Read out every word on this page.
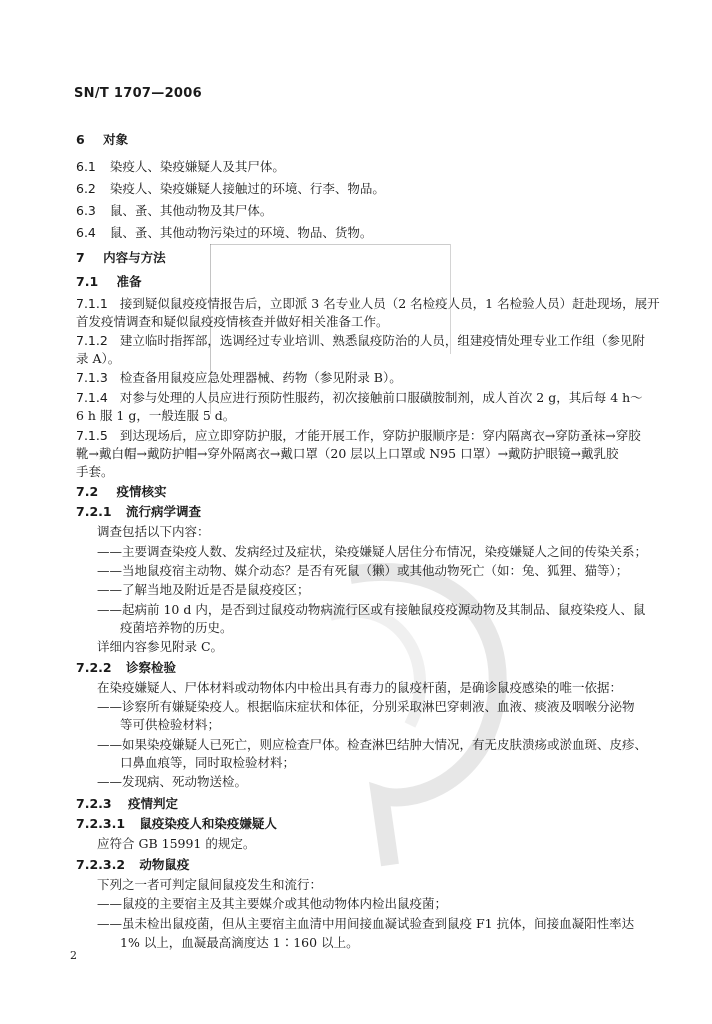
SN/T 1707—2006
6 对象
6.1 染疫人、染疫嫌疑人及其尸体。
6.2 染疫人、染疫嫌疑人接触过的环境、行李、物品。
6.3 鼠、蚤、其他动物及其尸体。
6.4 鼠、蚤、其他动物污染过的环境、物品、货物。
7 内容与方法
7.1 准备
7.1.1 接到疑似鼠疫疫情报告后，立即派 3 名专业人员（2 名检疫人员，1 名检验人员）赶赴现场，展开
首发疫情调查和疑似鼠疫疫情核查并做好相关准备工作。
7.1.2 建立临时指挥部，选调经过专业培训、熟悉鼠疫防治的人员，组建疫情处理专业工作组（参见附
录 A）。
7.1.3 检查备用鼠疫应急处理器械、药物（参见附录 B）。
7.1.4 对参与处理的人员应进行预防性服药，初次接触前口服磺胺制剂，成人首次 2 g，其后每 4 h～
6 h 服 1 g，一般连服 5 d。
7.1.5 到达现场后，应立即穿防护服，才能开展工作，穿防护服顺序是：穿内隔离衣→穿防蚤袜→穿胶
靴→戴白帽→戴防护帽→穿外隔离衣→戴口罩（20 层以上口罩或 N95 口罩）→戴防护眼镜→戴乳胶
手套。
7.2 疫情核实
7.2.1 流行病学调查
调查包括以下内容：
——主要调查染疫人数、发病经过及症状，染疫嫌疑人居住分布情况，染疫嫌疑人之间的传染关系；
——当地鼠疫宿主动物、媒介动态？是否有死鼠（獭）或其他动物死亡（如：兔、狐狸、猫等）；
——了解当地及附近是否是鼠疫疫区；
——起病前 10 d 内，是否到过鼠疫动物病流行区或有接触鼠疫疫源动物及其制品、鼠疫染疫人、鼠
疫菌培养物的历史。
详细内容参见附录 C。
7.2.2 诊察检验
在染疫嫌疑人、尸体材料或动物体内中检出具有毒力的鼠疫杆菌，是确诊鼠疫感染的唯一依据：
——诊察所有嫌疑染疫人。根据临床症状和体征，分别采取淋巴穿刺液、血液、痰液及咽喉分泌物
等可供检验材料；
——如果染疫嫌疑人已死亡，则应检查尸体。检查淋巴结肿大情况，有无皮肤溃疡或淤血斑、皮疹、
口鼻血痕等，同时取检验材料；
——发现病、死动物送检。
7.2.3 疫情判定
7.2.3.1 鼠疫染疫人和染疫嫌疑人
应符合 GB 15991 的规定。
7.2.3.2 动物鼠疫
下列之一者可判定鼠间鼠疫发生和流行：
——鼠疫的主要宿主及其主要媒介或其他动物体内检出鼠疫菌；
——虽未检出鼠疫菌，但从主要宿主血清中用间接血凝试验查到鼠疫 F1 抗体，间接血凝阳性率达
1% 以上，血凝最高滴度达 1∶160 以上。
2
